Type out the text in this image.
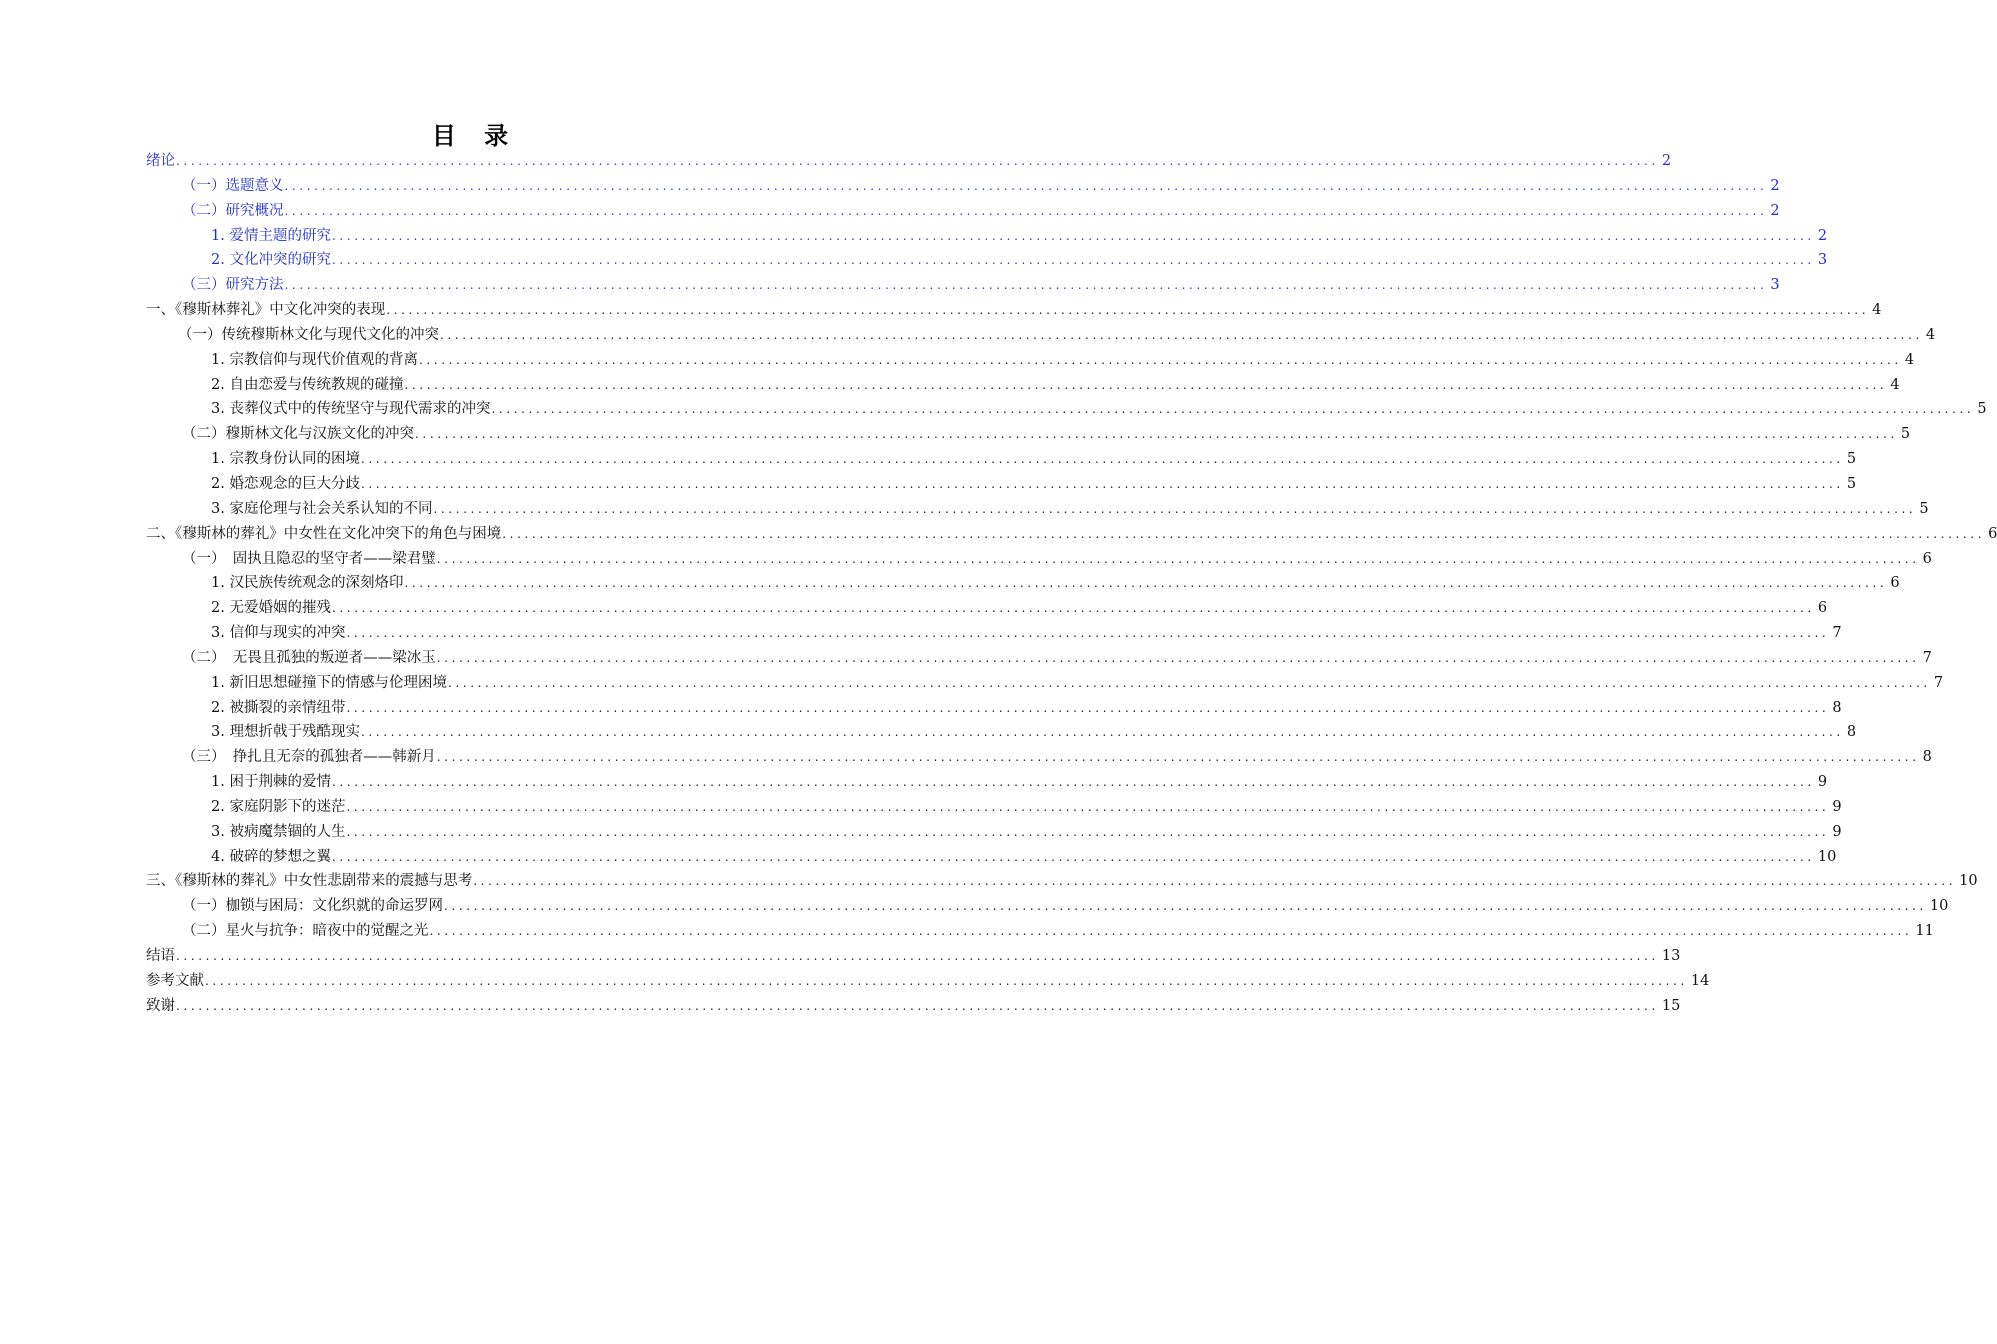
目 录
绪论 ........................................................................................................................................................................................................ 2
（一）选题意义 ........................................................................................................................................................................................................ 2
（二）研究概况 ........................................................................................................................................................................................................ 2
1. 爱情主题的研究 ........................................................................................................................................................................................................ 2
2. 文化冲突的研究 ........................................................................................................................................................................................................ 3
（三）研究方法 ........................................................................................................................................................................................................ 3
一、《穆斯林葬礼》中文化冲突的表现 ........................................................................................................................................................................................................ 4
（一）传统穆斯林文化与现代文化的冲突 ........................................................................................................................................................................................................ 4
1. 宗教信仰与现代价值观的背离 ........................................................................................................................................................................................................ 4
2. 自由恋爱与传统教规的碰撞 ........................................................................................................................................................................................................ 4
3. 丧葬仪式中的传统坚守与现代需求的冲突 ........................................................................................................................................................................................................ 5
（二）穆斯林文化与汉族文化的冲突 ........................................................................................................................................................................................................ 5
1. 宗教身份认同的困境 ........................................................................................................................................................................................................ 5
2. 婚恋观念的巨大分歧 ........................................................................................................................................................................................................ 5
3. 家庭伦理与社会关系认知的不同 ........................................................................................................................................................................................................ 5
二、《穆斯林的葬礼》中女性在文化冲突下的角色与困境 ........................................................................................................................................................................................................ 6
（一）　固执且隐忍的坚守者——梁君璧 ........................................................................................................................................................................................................ 6
1. 汉民族传统观念的深刻烙印 ........................................................................................................................................................................................................ 6
2. 无爱婚姻的摧残 ........................................................................................................................................................................................................ 6
3. 信仰与现实的冲突 ........................................................................................................................................................................................................ 7
（二）　无畏且孤独的叛逆者——梁冰玉 ........................................................................................................................................................................................................ 7
1. 新旧思想碰撞下的情感与伦理困境 ........................................................................................................................................................................................................ 7
2. 被撕裂的亲情纽带 ........................................................................................................................................................................................................ 8
3. 理想折戟于残酷现实 ........................................................................................................................................................................................................ 8
（三）　挣扎且无奈的孤独者——韩新月 ........................................................................................................................................................................................................ 8
1. 困于荆棘的爱情 ........................................................................................................................................................................................................ 9
2. 家庭阴影下的迷茫 ........................................................................................................................................................................................................ 9
3. 被病魔禁锢的人生 ........................................................................................................................................................................................................ 9
4. 破碎的梦想之翼 ........................................................................................................................................................................................................ 10
三、《穆斯林的葬礼》中女性悲剧带来的震撼与思考 ........................................................................................................................................................................................................ 10
（一）枷锁与困局：文化织就的命运罗网 ........................................................................................................................................................................................................ 10
（二）星火与抗争：暗夜中的觉醒之光 ........................................................................................................................................................................................................ 11
结语 ........................................................................................................................................................................................................ 13
参考文献 ........................................................................................................................................................................................................ 14
致谢 ........................................................................................................................................................................................................ 15
